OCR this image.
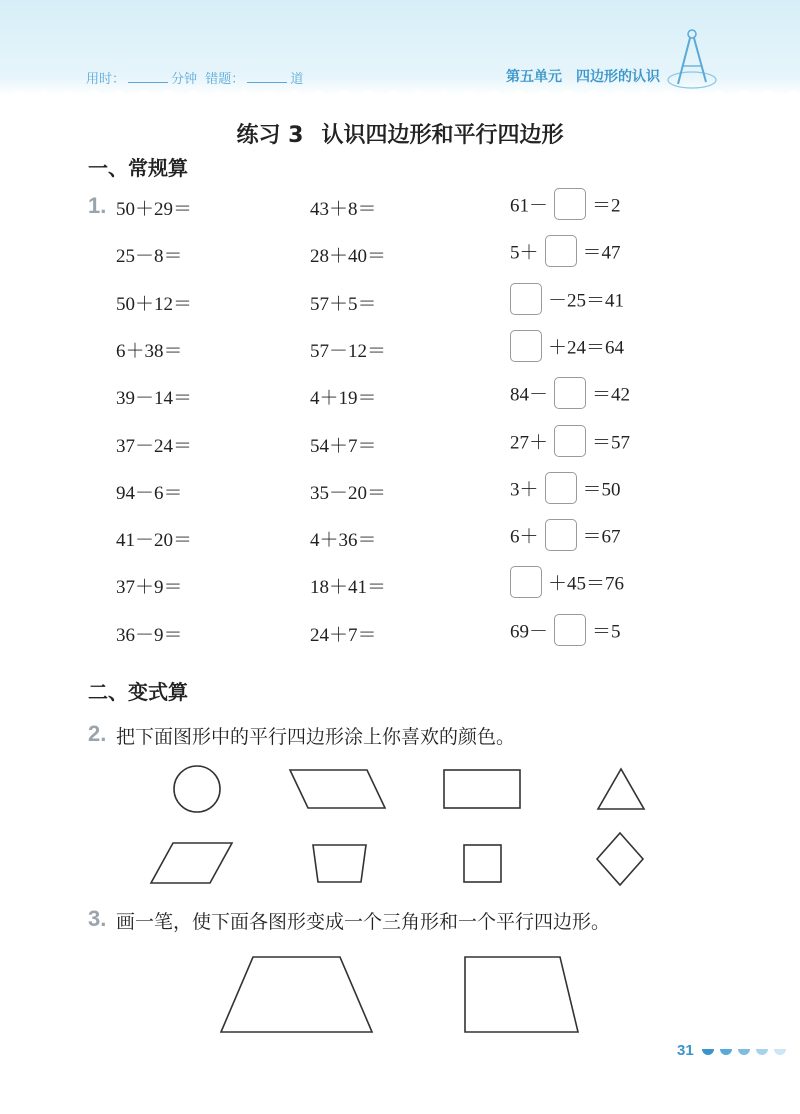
用时：	分钟 错题：	道	第五单元　四边形的认识
练习 3 认识四边形和平行四边形
一、常规算
1. 50＋29＝	43＋8＝	61－ ＝2
25－8＝	28＋40＝	5＋ ＝47
50＋12＝	57＋5＝	－25＝41
6＋38＝	57－12＝	＋24＝64
39－14＝	4＋19＝	84－ ＝42
37－24＝	54＋7＝	27＋ ＝57
94－6＝	35－20＝	3＋ ＝50
41－20＝	4＋36＝	6＋ ＝67
37＋9＝	18＋41＝	＋45＝76
36－9＝	24＋7＝	69－ ＝5
二、变式算
2. 把下面图形中的平行四边形涂上你喜欢的颜色。
3. 画一笔，使下面各图形变成一个三角形和一个平行四边形。
31
